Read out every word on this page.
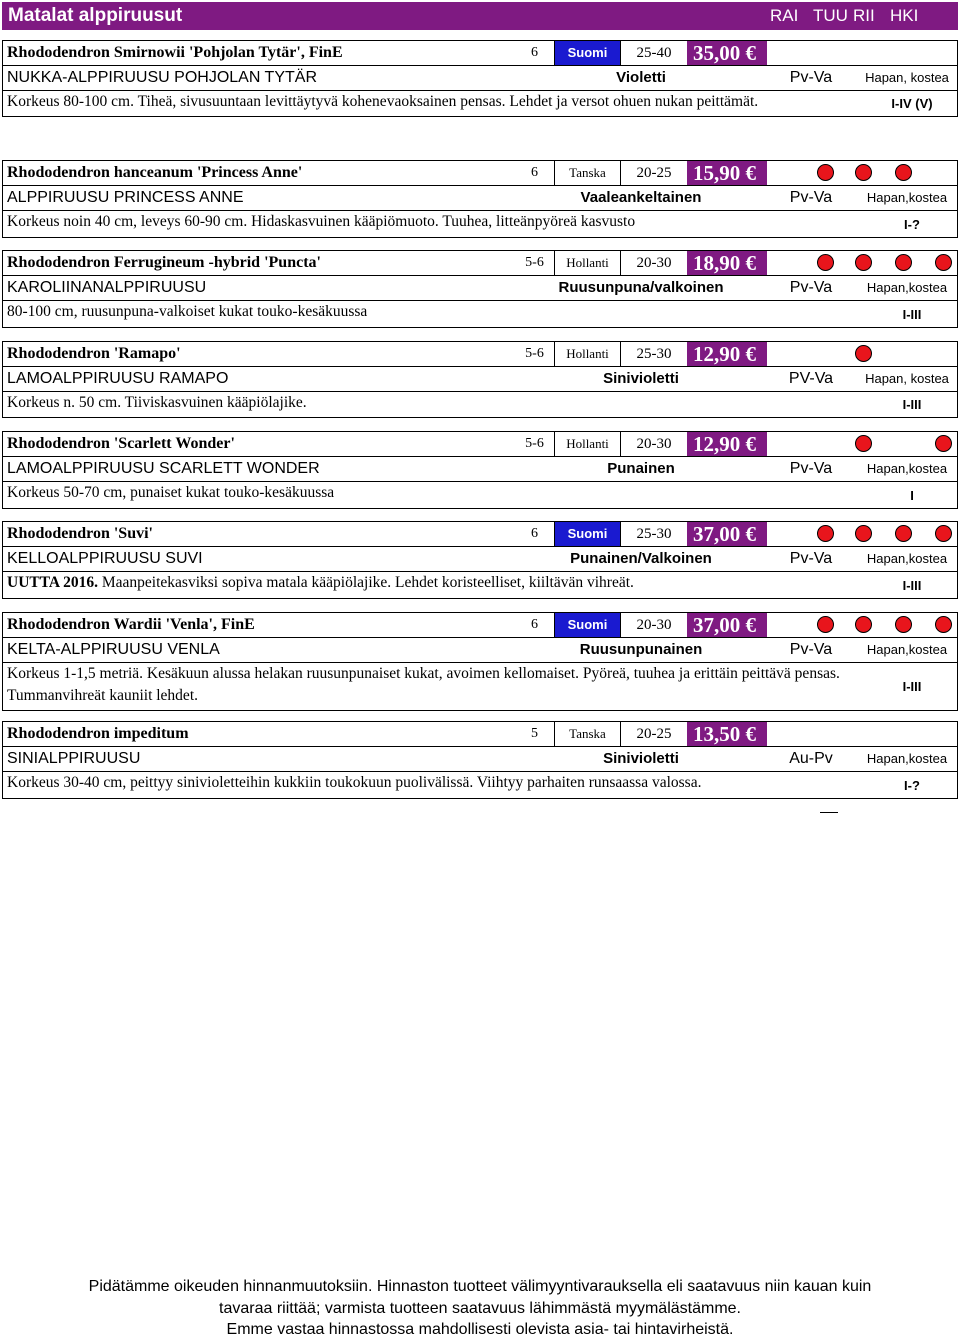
Matalat alppiruusut	RAI TUU RII HKI
Rhododendron Smirnowii 'Pohjolan Tytär', FinE	6	Suomi	25-40	35,00 €
NUKKA-ALPPIRUUSU POHJOLAN TYTÄR	Violetti	Pv-Va	Hapan, kostea
Korkeus 80-100 cm. Tiheä, sivusuuntaan levittäytyvä kohenevaoksainen pensas. Lehdet ja versot ohuen nukan peittämät.	I-IV (V)
Rhododendron hanceanum 'Princess Anne'	6	Tanska	20-25	15,90 €
ALPPIRUUSU PRINCESS ANNE	Vaaleankeltainen	Pv-Va	Hapan,kostea
Korkeus noin 40 cm, leveys 60-90 cm. Hidaskasvuinen kääpiömuoto. Tuuhea, litteänpyöreä kasvusto	I-?
Rhododendron Ferrugineum -hybrid 'Puncta'	5-6	Hollanti	20-30	18,90 €
KAROLIINANALPPIRUUSU	Ruusunpuna/valkoinen	Pv-Va	Hapan,kostea
80-100 cm, ruusunpuna-valkoiset kukat touko-kesäkuussa	I-III
Rhododendron 'Ramapo'	5-6	Hollanti	25-30	12,90 €
LAMOALPPIRUUSU RAMAPO	Sinivioletti	PV-Va	Hapan, kostea
Korkeus n. 50 cm. Tiiviskasvuinen kääpiölajike.	I-III
Rhododendron 'Scarlett Wonder'	5-6	Hollanti	20-30	12,90 €
LAMOALPPIRUUSU SCARLETT WONDER	Punainen	Pv-Va	Hapan,kostea
Korkeus 50-70 cm, punaiset kukat touko-kesäkuussa	I
Rhododendron 'Suvi'	6	Suomi	25-30	37,00 €
KELLOALPPIRUUSU SUVI	Punainen/Valkoinen	Pv-Va	Hapan,kostea
UUTTA 2016. Maanpeitekasviksi sopiva matala kääpiölajike. Lehdet koristeelliset, kiiltävän vihreät.	I-III
Rhododendron Wardii 'Venla', FinE	6	Suomi	20-30	37,00 €
KELTA-ALPPIRUUSU VENLA	Ruusunpunainen	Pv-Va	Hapan,kostea
Korkeus 1-1,5 metriä. Kesäkuun alussa helakan ruusunpunaiset kukat, avoimen kellomaiset. Pyöreä, tuuhea ja erittäin peittävä pensas. Tummanvihreät kauniit lehdet.
I-III
Rhododendron impeditum	5	Tanska	20-25	13,50 €
SINIALPPIRUUSU	Sinivioletti	Au-Pv	Hapan,kostea
Korkeus 30-40 cm, peittyy sinivioletteihin kukkiin toukokuun puolivälissä. Viihtyy parhaiten runsaassa valossa.	I-?
Pidätämme oikeuden hinnanmuutoksiin. Hinnaston tuotteet välimyyntivarauksella eli saatavuus niin kauan kuin
tavaraa riittää; varmista tuotteen saatavuus lähimmästä myymälästämme.
Emme vastaa hinnastossa mahdollisesti olevista asia- tai hintavirheistä.
